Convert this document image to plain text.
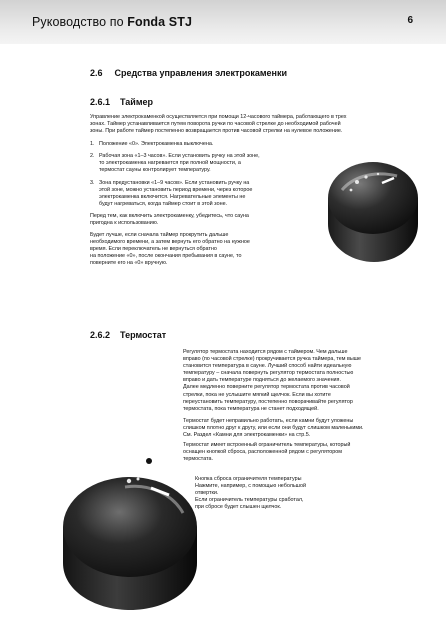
Руководство по Fonda STJ	6
2.6 Средства управления электрокаменки
2.6.1 Таймер
Управление электрокаменкой осуществляется при помощи 12-часового таймера, работающего в трех
зонах. Таймер устанавливается путем поворота ручки по часовой стрелке до необходимой рабочей
зоны. При работе таймер постепенно возвращается против часовой стрелки на нулевое положение.
1. Положение «0». Электрокаменка выключена.
2. Рабочая зона «1–3 часов». Если установить ручку на этой зоне,
то электрокаменка нагревается при полной мощности, а
термостат сауны контролирует температуру.
3. Зона предустановки «1–9 часов». Если установить ручку на
этой зоне, можно установить период времени, через которое
электрокаменка включится. Нагревательные элементы не
будут нагреваться, когда таймер стоит в этой зоне.
Перед тем, как включить электрокаменку, убедитесь, что сауна
пригодна к использованию.
Будет лучше, если сначала таймер прокрутить дальше
необходимого времени, а затем вернуть его обратно на нужное
время. Если переключатель не вернуться обратно
на положение «0», после окончания пребывания в сауне, то
поверните его на «0» вручную.
2.6.2 Термостат
Регулятор термостата находится рядом с таймером. Чем дальше
вправо (по часовой стрелке) прокручивается ручка таймера, тем выше
становится температура в сауне. Лучший способ найти идеальную
температуру – сначала повернуть регулятор термостата полностью
вправо и дать температуре подняться до желаемого значения.
Далее медленно поверните регулятор термостата против часовой
стрелки, пока не услышите мягкий щелчок. Если вы хотите
переустановить температуру, постепенно поворачивайте регулятор
термостата, пока температура не станет подходящей.
Термостат будет неправильно работать, если камни будут уложены
слишком плотно друг к другу, или если они будут слишком маленькими.
См. Раздел «Камни для электрокаменки» на стр.5.
Термостат имеет встроенный ограничитель температуры, который
оснащен кнопкой сброса, расположенной рядом с регулятором
термостата.
Кнопка сброса ограничителя температуры
Нажмите, например, с помощью небольшой
отвертки.
Если ограничитель температуры сработал,
при сбросе будет слышен щелчок.
